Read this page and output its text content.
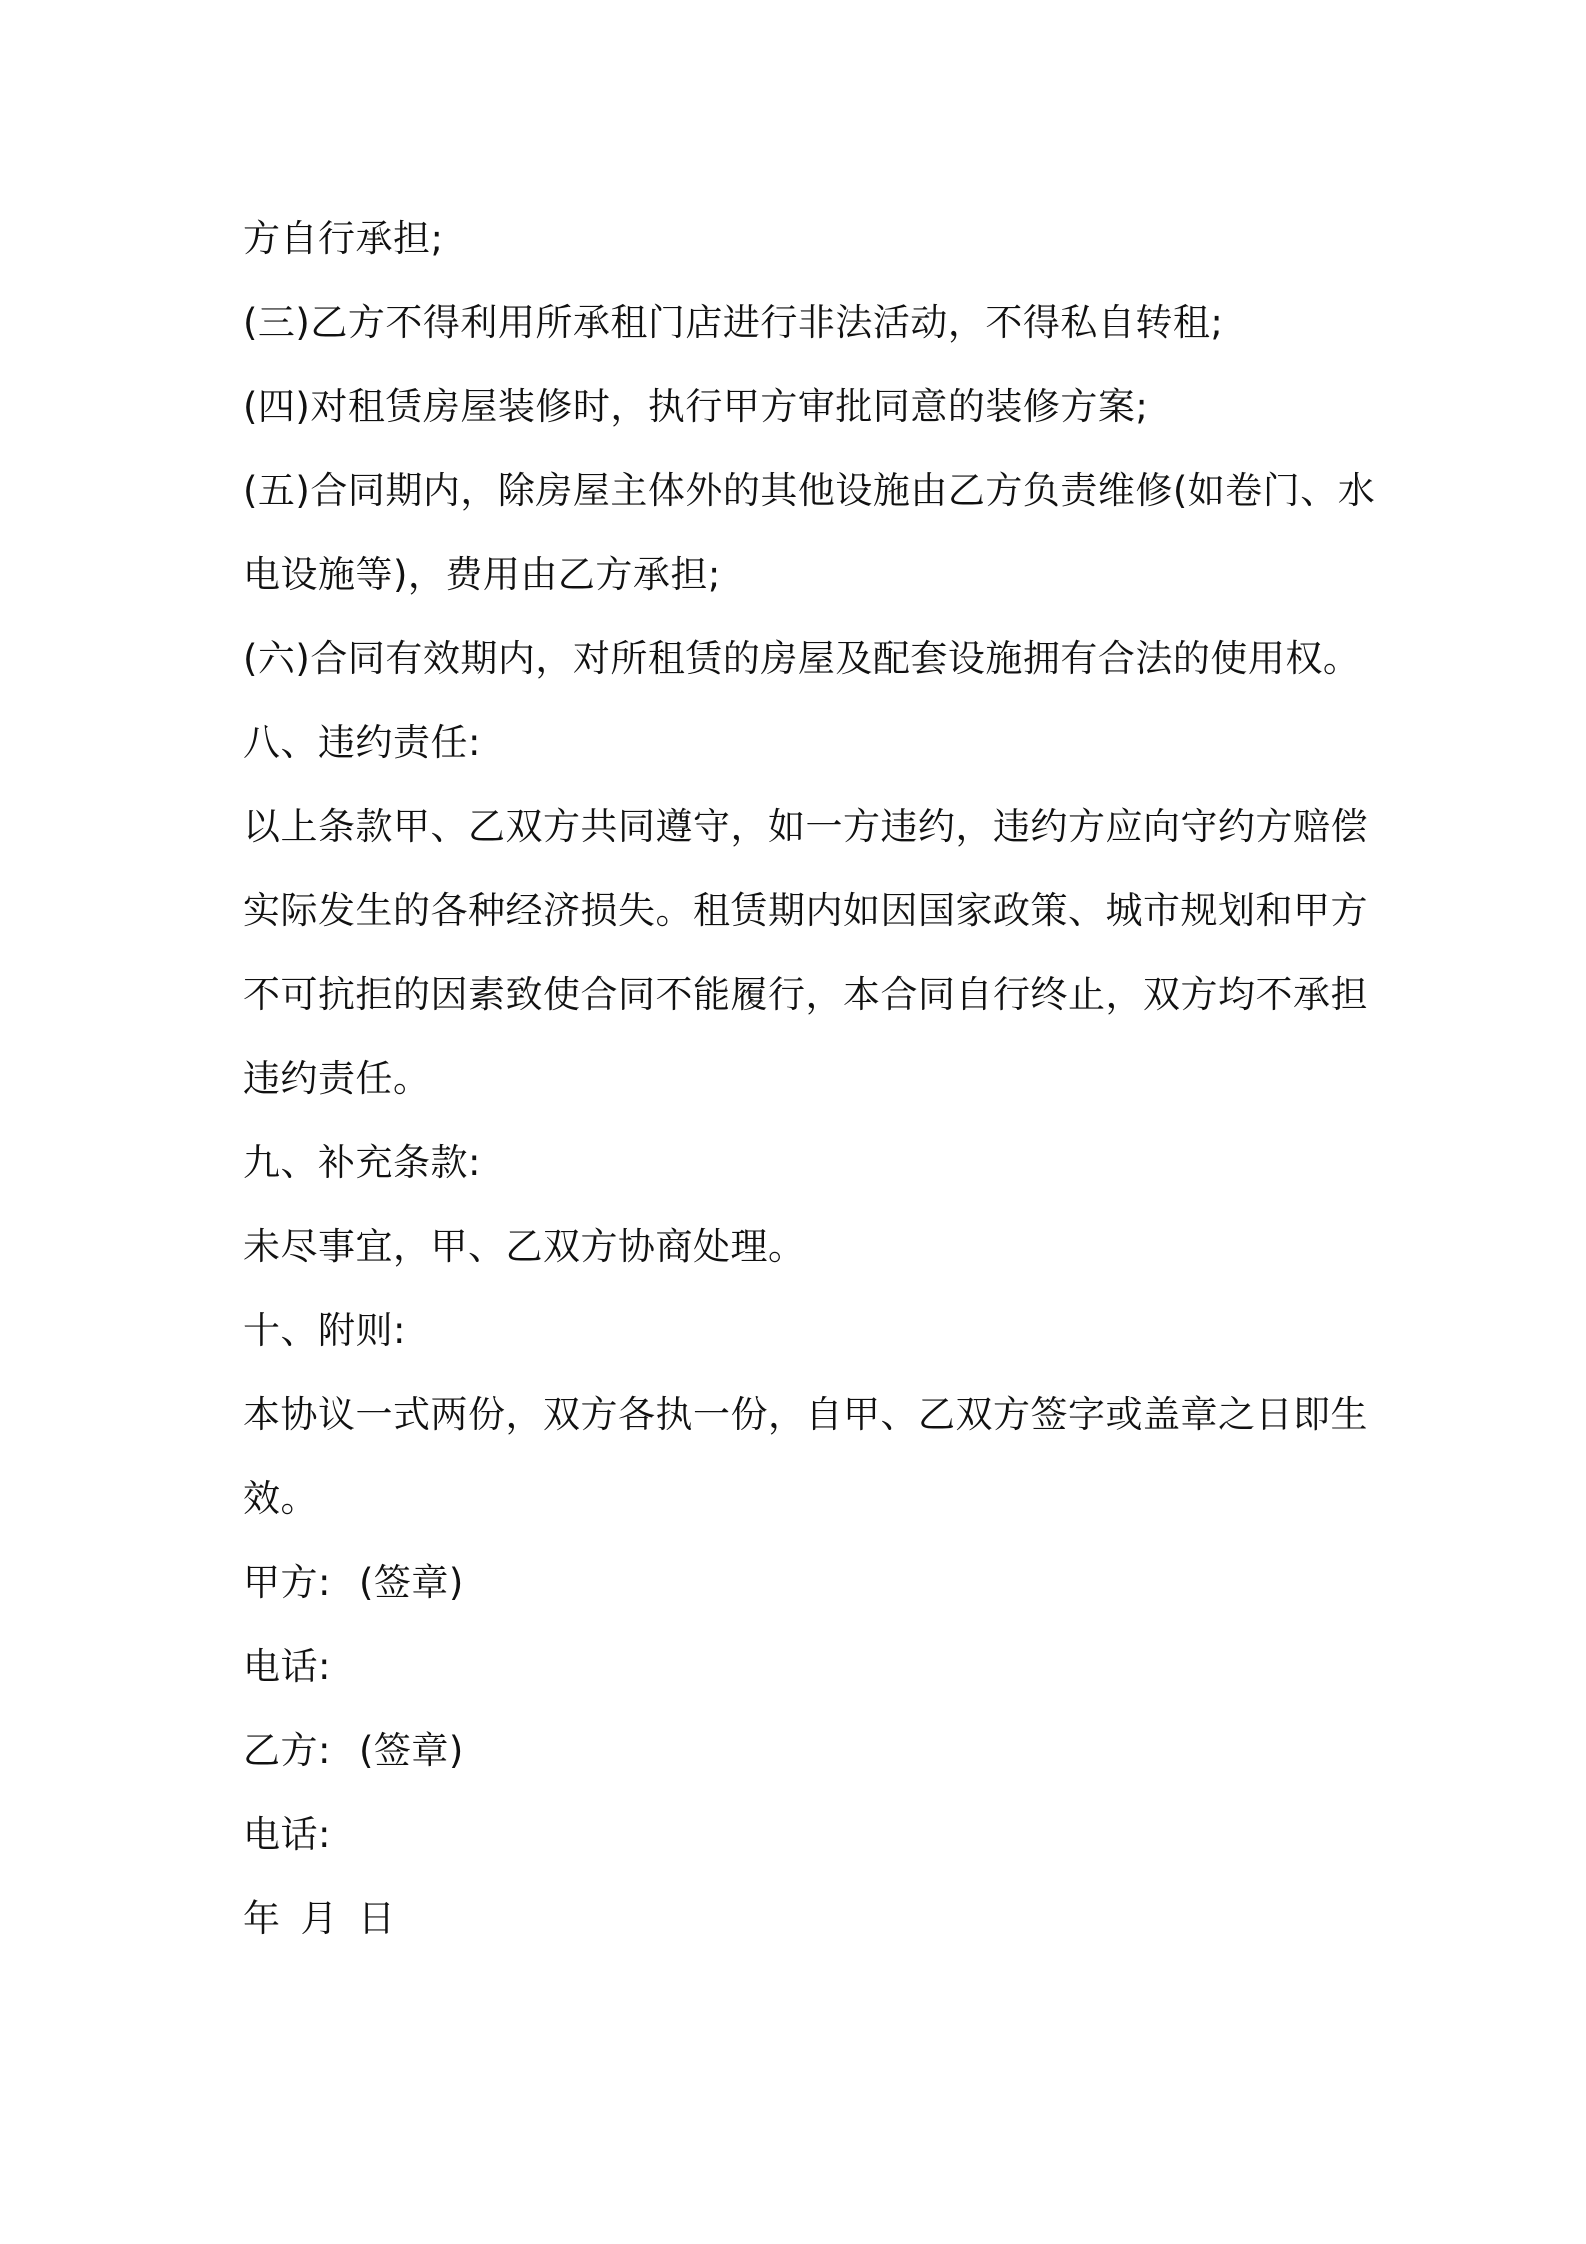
方自行承担;
(三)乙方不得利用所承租门店进行非法活动，不得私自转租;
(四)对租赁房屋装修时，执行甲方审批同意的装修方案;
(五)合同期内，除房屋主体外的其他设施由乙方负责维修(如卷门、水
电设施等)，费用由乙方承担;
(六)合同有效期内，对所租赁的房屋及配套设施拥有合法的使用权。
八、违约责任:
以上条款甲、乙双方共同遵守，如一方违约，违约方应向守约方赔偿
实际发生的各种经济损失。租赁期内如因国家政策、城市规划和甲方
不可抗拒的因素致使合同不能履行，本合同自行终止，双方均不承担
违约责任。
九、补充条款:
未尽事宜，甲、乙双方协商处理。
十、附则:
本协议一式两份，双方各执一份，自甲、乙双方签字或盖章之日即生
效。
甲方: (签章)
电话:
乙方: (签章)
电话:
年 月 日
